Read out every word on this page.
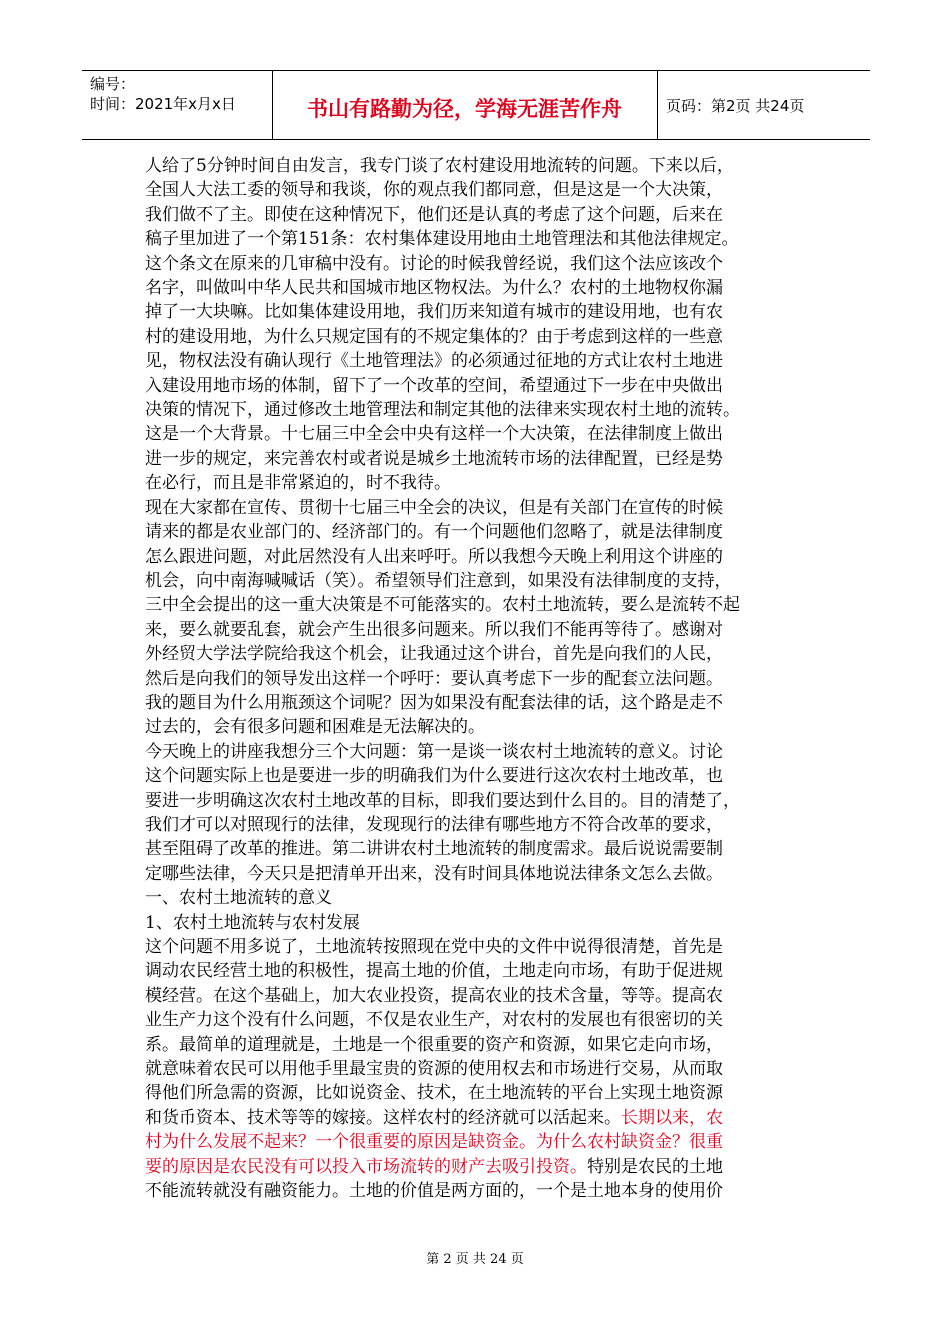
编号：
时间：2021年x月x日	书山有路勤为径，学海无涯苦作舟	页码：第2页 共24页

人给了5分钟时间自由发言，我专门谈了农村建设用地流转的问题。下来以后，

全国人大法工委的领导和我谈，你的观点我们都同意，但是这是一个大决策，

我们做不了主。即使在这种情况下，他们还是认真的考虑了这个问题，后来在

稿子里加进了一个第151条：农村集体建设用地由土地管理法和其他法律规定。

这个条文在原来的几审稿中没有。讨论的时候我曾经说，我们这个法应该改个

名字，叫做叫中华人民共和国城市地区物权法。为什么？农村的土地物权你漏

掉了一大块嘛。比如集体建设用地，我们历来知道有城市的建设用地，也有农

村的建设用地，为什么只规定国有的不规定集体的？由于考虑到这样的一些意

见，物权法没有确认现行《土地管理法》的必须通过征地的方式让农村土地进

入建设用地市场的体制，留下了一个改革的空间，希望通过下一步在中央做出

决策的情况下，通过修改土地管理法和制定其他的法律来实现农村土地的流转。

这是一个大背景。十七届三中全会中央有这样一个大决策，在法律制度上做出

进一步的规定，来完善农村或者说是城乡土地流转市场的法律配置，已经是势

在必行，而且是非常紧迫的，时不我待。

现在大家都在宣传、贯彻十七届三中全会的决议，但是有关部门在宣传的时候

请来的都是农业部门的、经济部门的。有一个问题他们忽略了，就是法律制度

怎么跟进问题，对此居然没有人出来呼吁。所以我想今天晚上利用这个讲座的

机会，向中南海喊喊话（笑）。希望领导们注意到，如果没有法律制度的支持，

三中全会提出的这一重大决策是不可能落实的。农村土地流转，要么是流转不起

来，要么就要乱套，就会产生出很多问题来。所以我们不能再等待了。感谢对

外经贸大学法学院给我这个机会，让我通过这个讲台，首先是向我们的人民，

然后是向我们的领导发出这样一个呼吁：要认真考虑下一步的配套立法问题。

我的题目为什么用瓶颈这个词呢？因为如果没有配套法律的话，这个路是走不

过去的，会有很多问题和困难是无法解决的。

今天晚上的讲座我想分三个大问题：第一是谈一谈农村土地流转的意义。讨论

这个问题实际上也是要进一步的明确我们为什么要进行这次农村土地改革，也

要进一步明确这次农村土地改革的目标，即我们要达到什么目的。目的清楚了，

我们才可以对照现行的法律，发现现行的法律有哪些地方不符合改革的要求，

甚至阻碍了改革的推进。第二讲讲农村土地流转的制度需求。最后说说需要制

定哪些法律，今天只是把清单开出来，没有时间具体地说法律条文怎么去做。

一、农村土地流转的意义

1、农村土地流转与农村发展

这个问题不用多说了，土地流转按照现在党中央的文件中说得很清楚，首先是

调动农民经营土地的积极性，提高土地的价值，土地走向市场，有助于促进规

模经营。在这个基础上，加大农业投资，提高农业的技术含量，等等。提高农

业生产力这个没有什么问题，不仅是农业生产，对农村的发展也有很密切的关

系。最简单的道理就是，土地是一个很重要的资产和资源，如果它走向市场，

就意味着农民可以用他手里最宝贵的资源的使用权去和市场进行交易，从而取

得他们所急需的资源，比如说资金、技术，在土地流转的平台上实现土地资源

和货币资本、技术等等的嫁接。这样农村的经济就可以活起来。长期以来，农

村为什么发展不起来？一个很重要的原因是缺资金。为什么农村缺资金？很重

要的原因是农民没有可以投入市场流转的财产去吸引投资。特别是农民的土地

不能流转就没有融资能力。土地的价值是两方面的，一个是土地本身的使用价

第 2 页 共 24 页
